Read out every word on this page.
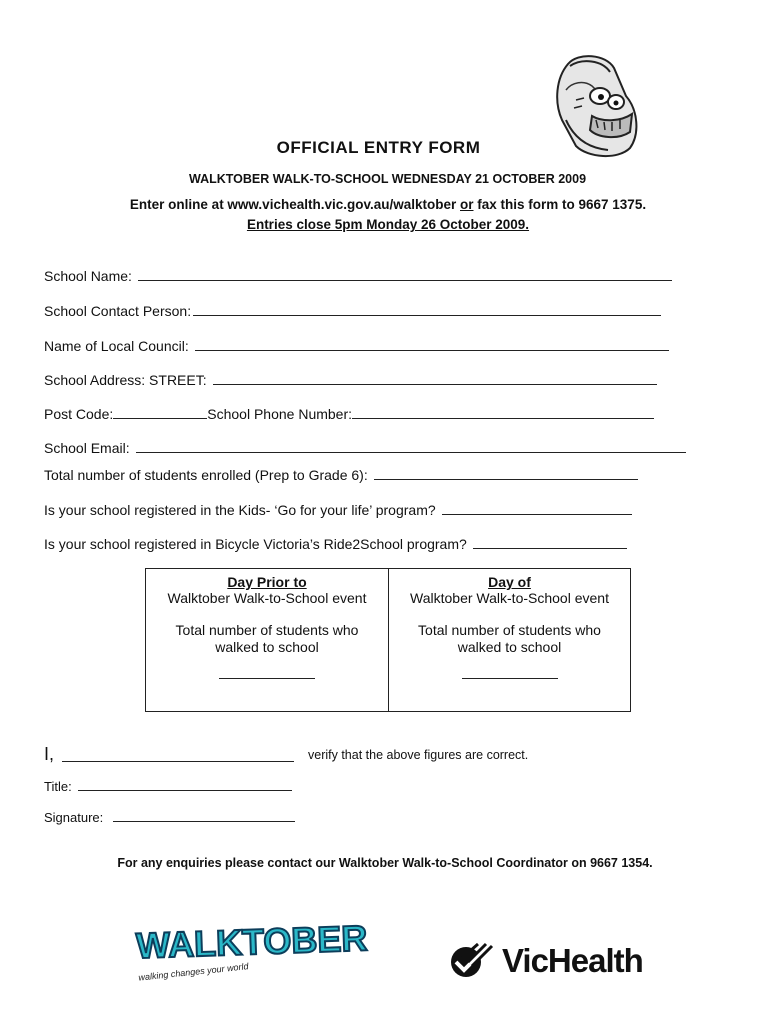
OFFICIAL ENTRY FORM
WALKTOBER WALK-TO-SCHOOL WEDNESDAY 21 OCTOBER 2009
Enter online at www.vichealth.vic.gov.au/walktober or fax this form to 9667 1375.
Entries close 5pm Monday 26 October 2009.
School Name:
School Contact Person:
Name of Local Council:
School Address: STREET:
Post Code:	School Phone Number:
School Email:
Total number of students enrolled (Prep to Grade 6):
Is your school registered in the Kids- ‘Go for your life’ program?
Is your school registered in Bicycle Victoria’s Ride2School program?
Day Prior to
Walktober Walk-to-School event
Total number of students who
walked to school
Day of
Walktober Walk-to-School event
Total number of students who
walked to school
I,	verify that the above figures are correct.
Title:
Signature:
For any enquiries please contact our Walktober Walk-to-School Coordinator on 9667 1354.
WALKTOBER
walking changes your world	VicHealth
